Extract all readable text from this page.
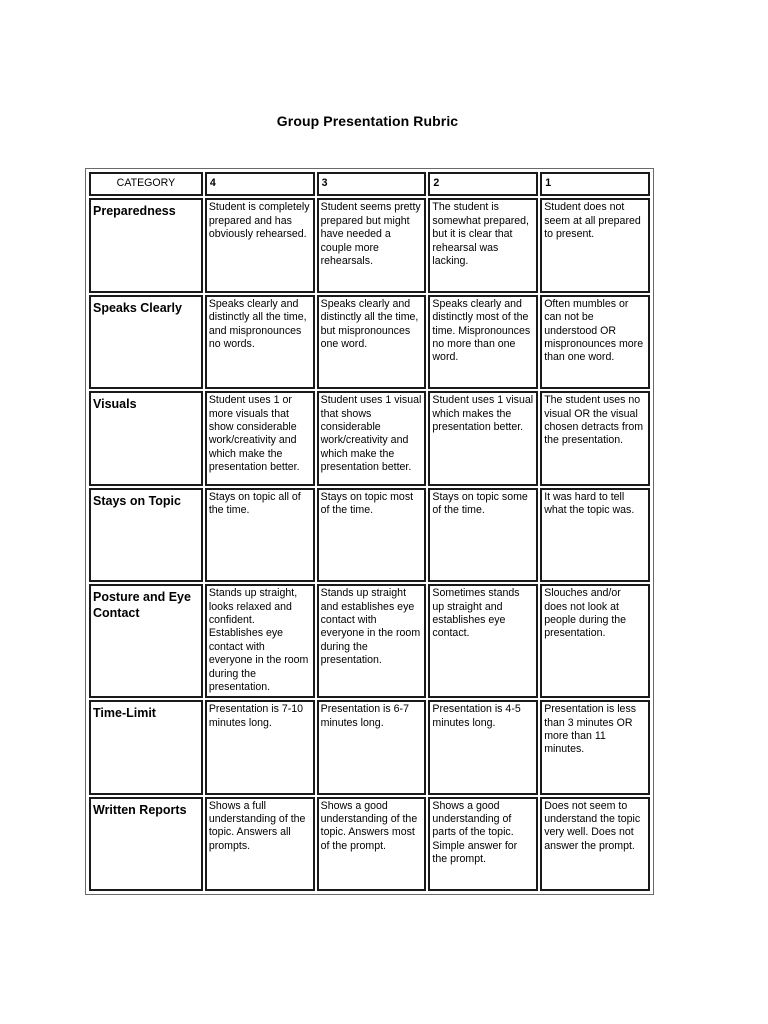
Group Presentation Rubric
CATEGORY	4	3	2	1
Preparedness	Student is completely prepared and has obviously rehearsed.	Student seems pretty prepared but might have needed a couple more rehearsals.	The student is somewhat prepared, but it is clear that rehearsal was lacking.	Student does not seem at all prepared to present.
Speaks Clearly	Speaks clearly and distinctly all the time, and mispronounces no words.	Speaks clearly and distinctly all the time, but mispronounces one word.	Speaks clearly and distinctly most of the time. Mispronounces no more than one word.	Often mumbles or can not be understood OR mispronounces more than one word.
Visuals	Student uses 1 or more visuals that show considerable work/creativity and which make the presentation better.	Student uses 1 visual that shows considerable work/creativity and which make the presentation better.	Student uses 1 visual which makes the presentation better.	The student uses no visual OR the visual chosen detracts from the presentation.
Stays on Topic	Stays on topic all of the time.	Stays on topic most of the time.	Stays on topic some of the time.	It was hard to tell what the topic was.
Posture and Eye Contact	Stands up straight, looks relaxed and confident. Establishes eye contact with everyone in the room during the presentation.	Stands up straight and establishes eye contact with everyone in the room during the presentation.	Sometimes stands up straight and establishes eye contact.	Slouches and/or does not look at people during the presentation.
Time-Limit	Presentation is 7-10 minutes long.	Presentation is 6-7 minutes long.	Presentation is 4-5 minutes long.	Presentation is less than 3 minutes OR more than 11 minutes.
Written Reports	Shows a full understanding of the topic. Answers all prompts.	Shows a good understanding of the topic. Answers most of the prompt.	Shows a good understanding of parts of the topic. Simple answer for the prompt.	Does not seem to understand the topic very well. Does not answer the prompt.
